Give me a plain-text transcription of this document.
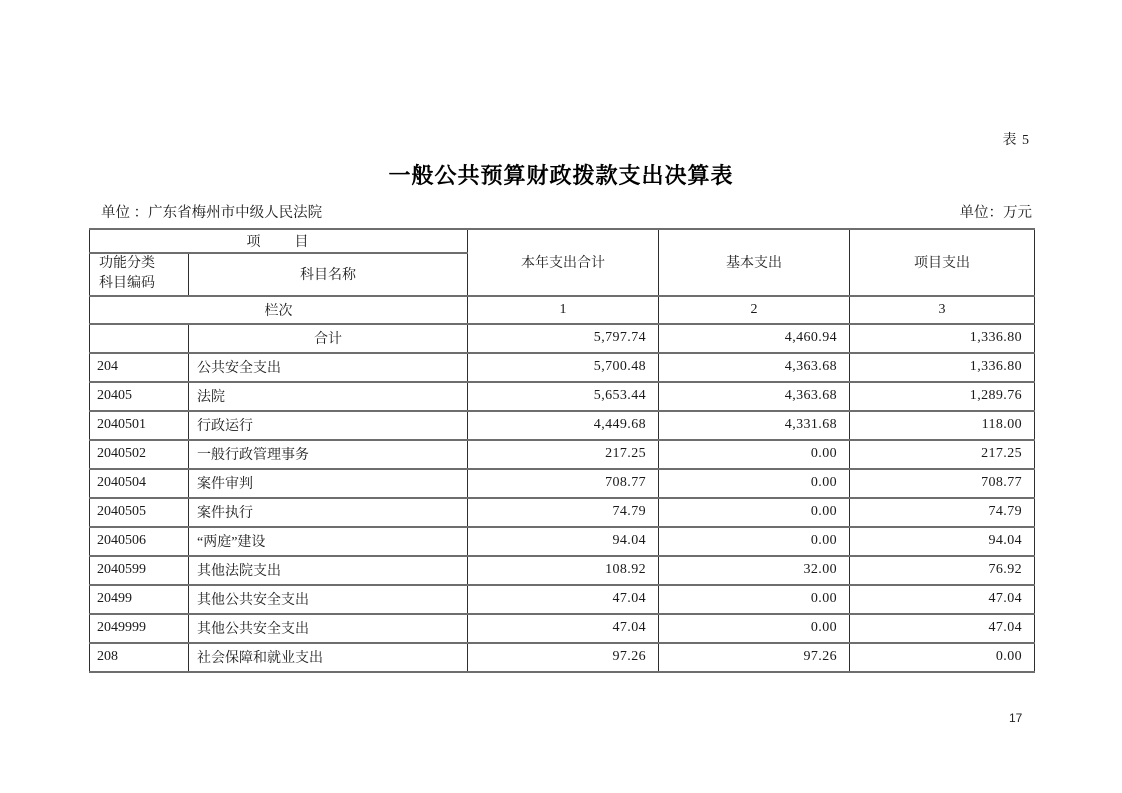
表 5
一般公共预算财政拨款支出决算表
单位 ：广东省梅州市中级人民法院	单位：万元
项　　目		本年支出合计	基本支出	项目支出
功能分类
科目编码	科目名称			
栏次		1	2	3
	合计	5,797.74	4,460.94	1,336.80
204	公共安全支出	5,700.48	4,363.68	1,336.80
20405	法院	5,653.44	4,363.68	1,289.76
2040501	行政运行	4,449.68	4,331.68	118.00
2040502	一般行政管理事务	217.25	0.00	217.25
2040504	案件审判	708.77	0.00	708.77
2040505	案件执行	74.79	0.00	74.79
2040506	“两庭”建设	94.04	0.00	94.04
2040599	其他法院支出	108.92	32.00	76.92
20499	其他公共安全支出	47.04	0.00	47.04
2049999	其他公共安全支出	47.04	0.00	47.04
208	社会保障和就业支出	97.26	97.26	0.00
17
